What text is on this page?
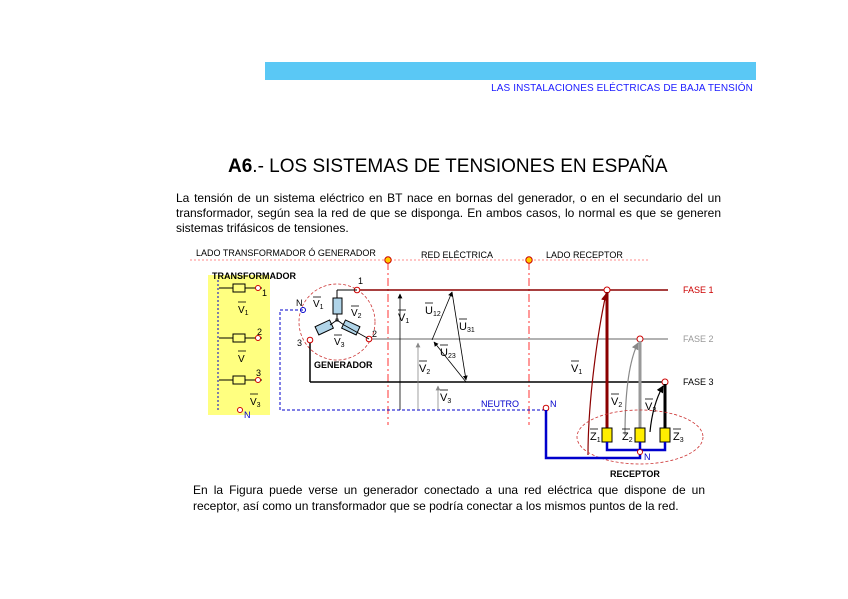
LAS INSTALACIONES ELÉCTRICAS DE BAJA TENSIÓN
A6.- LOS SISTEMAS DE TENSIONES EN ESPAÑA
La tensión de un sistema eléctrico en BT nace en bornas del generador, o en el secundario del un transformador, según sea la red de que se disponga. En ambos casos, lo normal es que se generen sistemas trifásicos de tensiones.
LADO TRANSFORMADOR Ó GENERADOR	RED ELÉCTRICA	LADO RECEPTOR
TRANSFORMADOR
1
2
3
N
$V_1$
V
$V_3$
GENERADOR
$V_1$
$V_2$
$V_3$
N
1
2
3
FASE 1
FASE 2
FASE 3
NEUTRO	N
V1
V2
V3
U12
U31
U23
V1
V2 V3
Z1 Z2	Z3
N
RECEPTOR
En la Figura puede verse un generador conectado a una red eléctrica que dispone de un receptor, así como un transformador que se podría conectar a los mismos puntos de la red.
